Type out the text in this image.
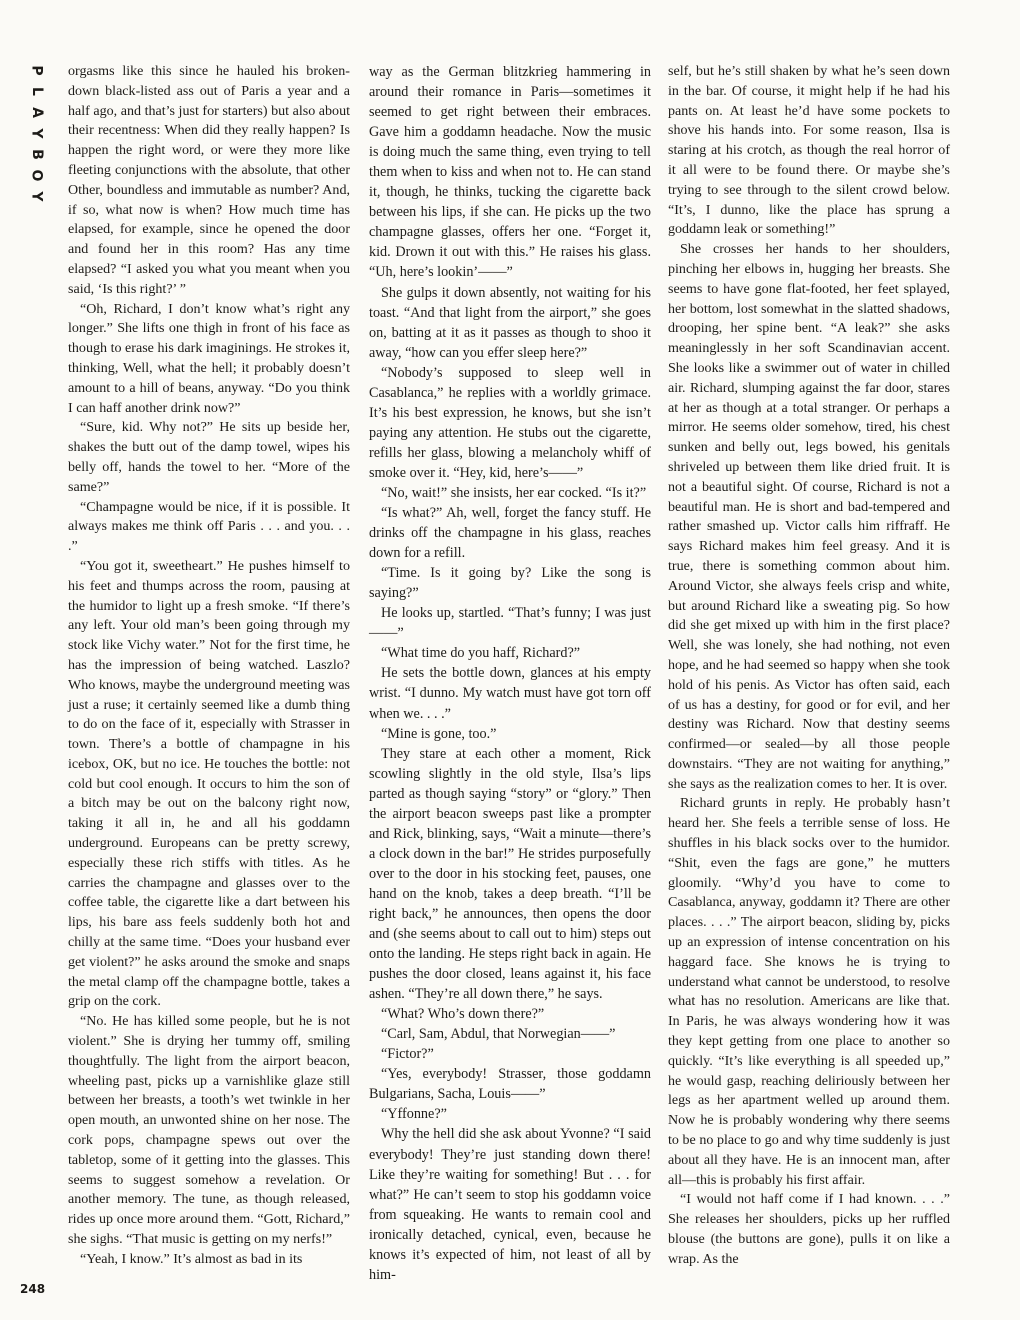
P
L
A
Y
B
O
Y

orgasms like this since he hauled his broken-down black-listed ass out of Paris a year and a half ago, and that’s just for starters) but also about their recentness: When did they really happen? Is happen the right word, or were they more like fleeting conjunctions with the absolute, that other Other, boundless and immutable as number? And, if so, what now is when? How much time has elapsed, for example, since he opened the door and found her in this room? Has any time elapsed? “I asked you what you meant when you said, ‘Is this right?’ ”

“Oh, Richard, I don’t know what’s right any longer.” She lifts one thigh in front of his face as though to erase his dark imaginings. He strokes it, thinking, Well, what the hell; it probably doesn’t amount to a hill of beans, anyway. “Do you think I can haff another drink now?”

“Sure, kid. Why not?” He sits up beside her, shakes the butt out of the damp towel, wipes his belly off, hands the towel to her. “More of the same?”

“Champagne would be nice, if it is possible. It always makes me think off Paris . . . and you. . . .”

“You got it, sweetheart.” He pushes himself to his feet and thumps across the room, pausing at the humidor to light up a fresh smoke. “If there’s any left. Your old man’s been going through my stock like Vichy water.” Not for the first time, he has the impression of being watched. Laszlo? Who knows, maybe the underground meeting was just a ruse; it certainly seemed like a dumb thing to do on the face of it, especially with Strasser in town. There’s a bottle of champagne in his icebox, OK, but no ice. He touches the bottle: not cold but cool enough. It occurs to him the son of a bitch may be out on the balcony right now, taking it all in, he and all his goddamn underground. Europeans can be pretty screwy, especially these rich stiffs with titles. As he carries the champagne and glasses over to the coffee table, the cigarette like a dart between his lips, his bare ass feels suddenly both hot and chilly at the same time. “Does your husband ever get violent?” he asks around the smoke and snaps the metal clamp off the champagne bottle, takes a grip on the cork.

“No. He has killed some people, but he is not violent.” She is drying her tummy off, smiling thoughtfully. The light from the airport beacon, wheeling past, picks up a varnishlike glaze still between her breasts, a tooth’s wet twinkle in her open mouth, an unwonted shine on her nose. The cork pops, champagne spews out over the tabletop, some of it getting into the glasses. This seems to suggest somehow a revelation. Or another memory. The tune, as though released, rides up once more around them. “Gott, Richard,” she sighs. “That music is getting on my nerfs!”

“Yeah, I know.” It’s almost as bad in its

way as the German blitzkrieg hammering in around their romance in Paris—sometimes it seemed to get right between their embraces. Gave him a goddamn headache. Now the music is doing much the same thing, even trying to tell them when to kiss and when not to. He can stand it, though, he thinks, tucking the cigarette back between his lips, if she can. He picks up the two champagne glasses, offers her one. “Forget it, kid. Drown it out with this.” He raises his glass. “Uh, here’s lookin’——”

She gulps it down absently, not waiting for his toast. “And that light from the airport,” she goes on, batting at it as it passes as though to shoo it away, “how can you effer sleep here?”

“Nobody’s supposed to sleep well in Casablanca,” he replies with a worldly grimace. It’s his best expression, he knows, but she isn’t paying any attention. He stubs out the cigarette, refills her glass, blowing a melancholy whiff of smoke over it. “Hey, kid, here’s——”

“No, wait!” she insists, her ear cocked. “Is it?”

“Is what?” Ah, well, forget the fancy stuff. He drinks off the champagne in his glass, reaches down for a refill.

“Time. Is it going by? Like the song is saying?”

He looks up, startled. “That’s funny; I was just——”

“What time do you haff, Richard?”

He sets the bottle down, glances at his empty wrist. “I dunno. My watch must have got torn off when we. . . .”

“Mine is gone, too.”

They stare at each other a moment, Rick scowling slightly in the old style, Ilsa’s lips parted as though saying “story” or “glory.” Then the airport beacon sweeps past like a prompter and Rick, blinking, says, “Wait a minute—there’s a clock down in the bar!” He strides purposefully over to the door in his stocking feet, pauses, one hand on the knob, takes a deep breath. “I’ll be right back,” he announces, then opens the door and (she seems about to call out to him) steps out onto the landing. He steps right back in again. He pushes the door closed, leans against it, his face ashen. “They’re all down there,” he says.

“What? Who’s down there?”

“Carl, Sam, Abdul, that Norwegian——”

“Fictor?”

“Yes, everybody! Strasser, those goddamn Bulgarians, Sacha, Louis——”

“Yffonne?”

Why the hell did she ask about Yvonne? “I said everybody! They’re just standing down there! Like they’re waiting for something! But . . . for what?” He can’t seem to stop his goddamn voice from squeaking. He wants to remain cool and ironically detached, cynical, even, because he knows it’s expected of him, not least of all by him-

self, but he’s still shaken by what he’s seen down in the bar. Of course, it might help if he had his pants on. At least he’d have some pockets to shove his hands into. For some reason, Ilsa is staring at his crotch, as though the real horror of it all were to be found there. Or maybe she’s trying to see through to the silent crowd below. “It’s, I dunno, like the place has sprung a goddamn leak or something!”

She crosses her hands to her shoulders, pinching her elbows in, hugging her breasts. She seems to have gone flat-footed, her feet splayed, her bottom, lost somewhat in the slatted shadows, drooping, her spine bent. “A leak?” she asks meaninglessly in her soft Scandinavian accent. She looks like a swimmer out of water in chilled air. Richard, slumping against the far door, stares at her as though at a total stranger. Or perhaps a mirror. He seems older somehow, tired, his chest sunken and belly out, legs bowed, his genitals shriveled up between them like dried fruit. It is not a beautiful sight. Of course, Richard is not a beautiful man. He is short and bad-tempered and rather smashed up. Victor calls him riffraff. He says Richard makes him feel greasy. And it is true, there is something common about him. Around Victor, she always feels crisp and white, but around Richard like a sweating pig. So how did she get mixed up with him in the first place? Well, she was lonely, she had nothing, not even hope, and he had seemed so happy when she took hold of his penis. As Victor has often said, each of us has a destiny, for good or for evil, and her destiny was Richard. Now that destiny seems confirmed—or sealed—by all those people downstairs. “They are not waiting for anything,” she says as the realization comes to her. It is over.

Richard grunts in reply. He probably hasn’t heard her. She feels a terrible sense of loss. He shuffles in his black socks over to the humidor. “Shit, even the fags are gone,” he mutters gloomily. “Why’d you have to come to Casablanca, anyway, goddamn it? There are other places. . . .” The airport beacon, sliding by, picks up an expression of intense concentration on his haggard face. She knows he is trying to understand what cannot be understood, to resolve what has no resolution. Americans are like that. In Paris, he was always wondering how it was they kept getting from one place to another so quickly. “It’s like everything is all speeded up,” he would gasp, reaching deliriously between her legs as her apartment welled up around them. Now he is probably wondering why there seems to be no place to go and why time suddenly is just about all they have. He is an innocent man, after all—this is probably his first affair.

“I would not haff come if I had known. . . .” She releases her shoulders, picks up her ruffled blouse (the buttons are gone), pulls it on like a wrap. As the

248
